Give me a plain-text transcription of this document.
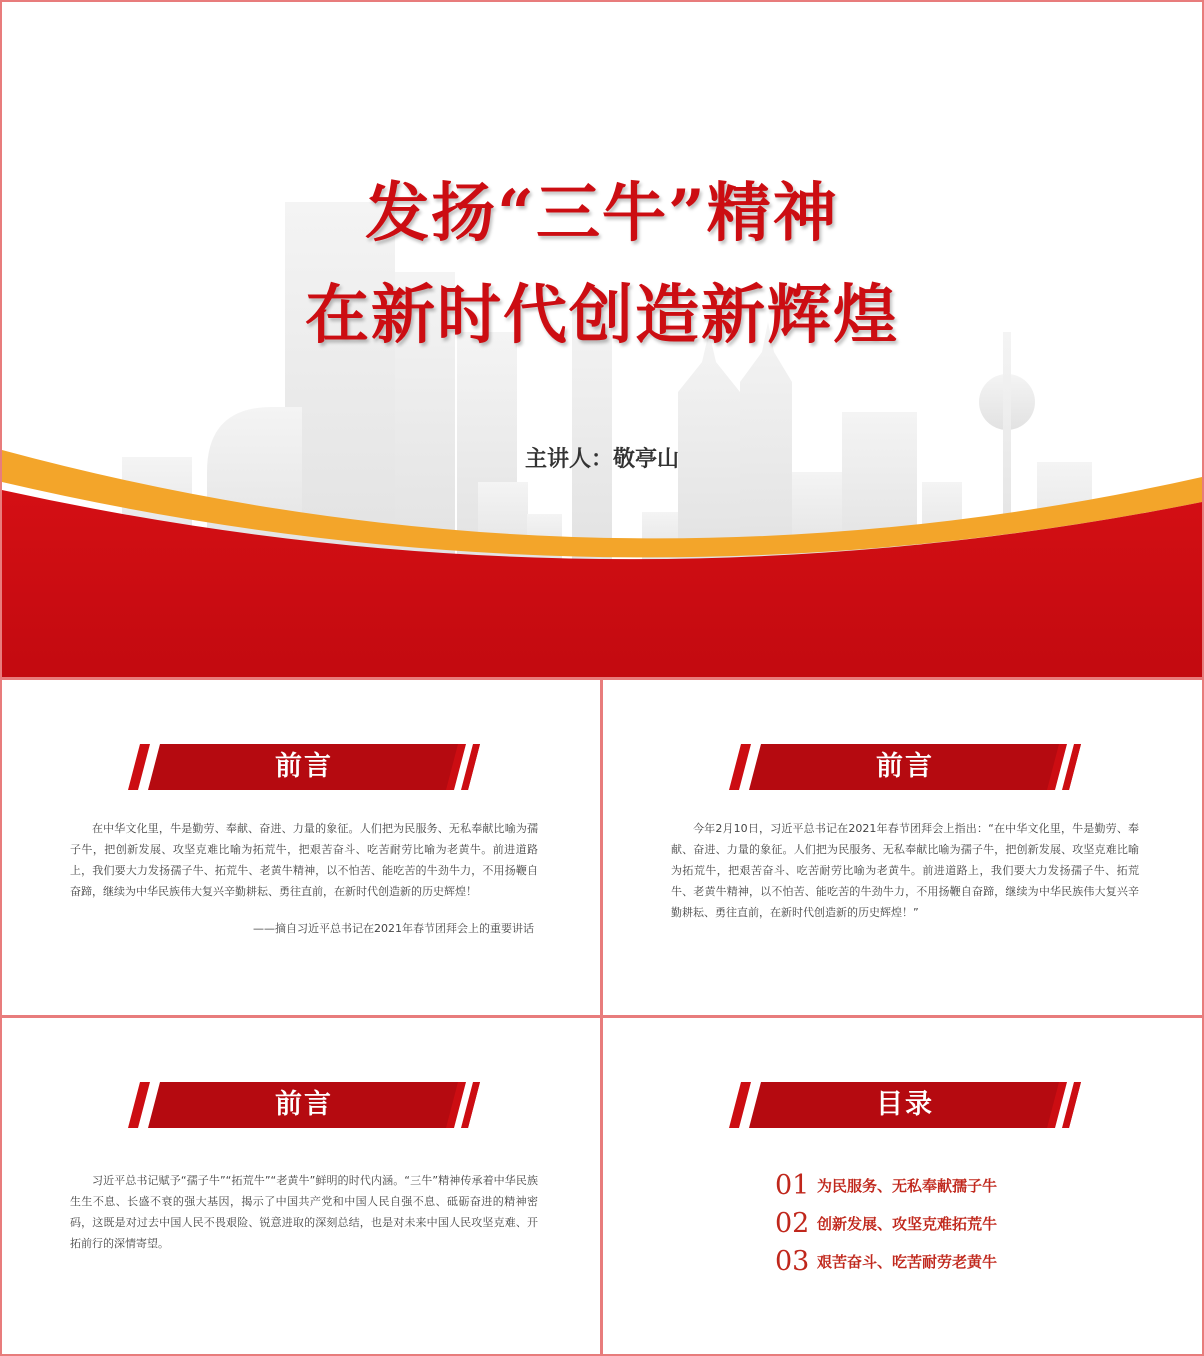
发扬“三牛”精神
在新时代创造新辉煌
主讲人：敬亭山
前言
在中华文化里，牛是勤劳、奉献、奋进、力量的象征。人们把为民服务、无私奉献比喻为孺子牛，把创新发展、攻坚克难比喻为拓荒牛，把艰苦奋斗、吃苦耐劳比喻为老黄牛。前进道路上，我们要大力发扬孺子牛、拓荒牛、老黄牛精神，以不怕苦、能吃苦的牛劲牛力，不用扬鞭自奋蹄，继续为中华民族伟大复兴辛勤耕耘、勇往直前，在新时代创造新的历史辉煌！
——摘自习近平总书记在2021年春节团拜会上的重要讲话
前言
今年2月10日，习近平总书记在2021年春节团拜会上指出：“在中华文化里，牛是勤劳、奉献、奋进、力量的象征。人们把为民服务、无私奉献比喻为孺子牛，把创新发展、攻坚克难比喻为拓荒牛，把艰苦奋斗、吃苦耐劳比喻为老黄牛。前进道路上，我们要大力发扬孺子牛、拓荒牛、老黄牛精神，以不怕苦、能吃苦的牛劲牛力，不用扬鞭自奋蹄，继续为中华民族伟大复兴辛勤耕耘、勇往直前，在新时代创造新的历史辉煌！”
前言
习近平总书记赋予“孺子牛”“拓荒牛”“老黄牛”鲜明的时代内涵。“三牛”精神传承着中华民族生生不息、长盛不衰的强大基因，揭示了中国共产党和中国人民自强不息、砥砺奋进的精神密码，这既是对过去中国人民不畏艰险、锐意进取的深刻总结，也是对未来中国人民攻坚克难、开拓前行的深情寄望。
目录
01 为民服务、无私奉献孺子牛
02 创新发展、攻坚克难拓荒牛
03 艰苦奋斗、吃苦耐劳老黄牛
